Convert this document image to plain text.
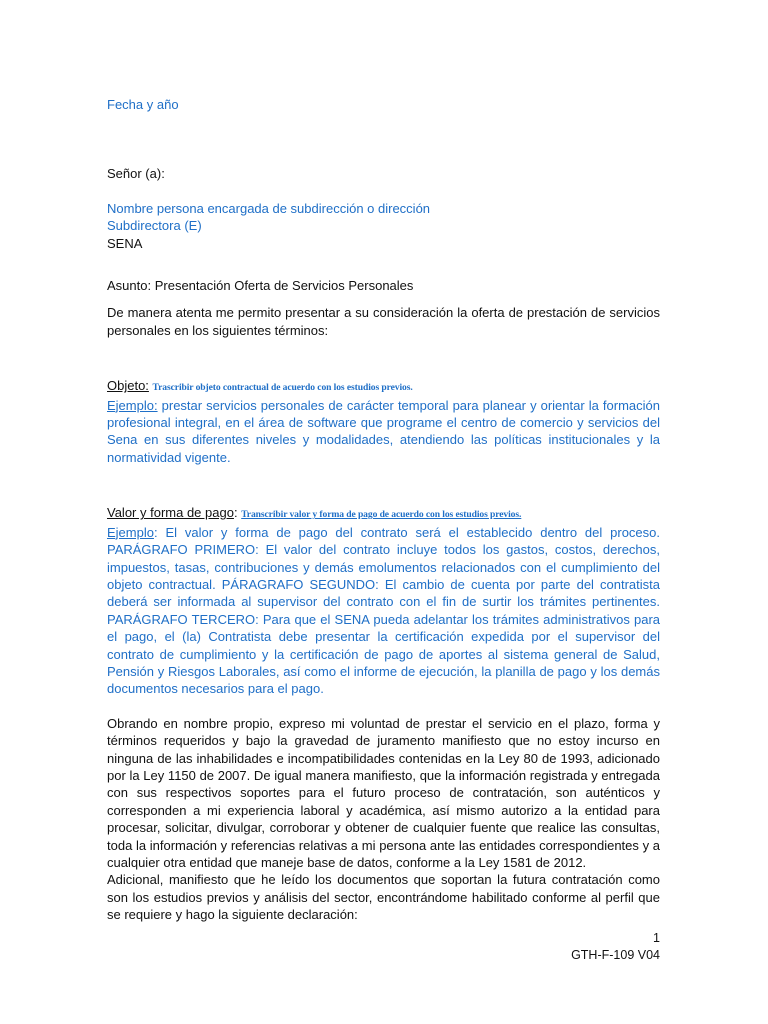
Fecha y año

Señor (a):

Nombre persona encargada de subdirección o dirección

Subdirectora (E)

SENA

Asunto: Presentación Oferta de Servicios Personales

De manera atenta me permito presentar a su consideración la oferta de prestación de servicios personales en los siguientes términos:

Objeto: Trascribir objeto contractual de acuerdo con los estudios previos.

Ejemplo: prestar servicios personales de carácter temporal para planear y orientar la formación profesional integral, en el área de software que programe el centro de comercio y servicios del Sena en sus diferentes niveles y modalidades, atendiendo las políticas institucionales y la normatividad vigente.

Valor y forma de pago: Transcribir valor y forma de pago de acuerdo con los estudios previos.

Ejemplo: El valor y forma de pago del contrato será el establecido dentro del proceso. PARÁGRAFO PRIMERO: El valor del contrato incluye todos los gastos, costos, derechos, impuestos, tasas, contribuciones y demás emolumentos relacionados con el cumplimiento del objeto contractual. PÁRAGRAFO SEGUNDO: El cambio de cuenta por parte del contratista deberá ser informada al supervisor del contrato con el fin de surtir los trámites pertinentes. PARÁGRAFO TERCERO: Para que el SENA pueda adelantar los trámites administrativos para el pago, el (la) Contratista debe presentar la certificación expedida por el supervisor del contrato de cumplimiento y la certificación de pago de aportes al sistema general de Salud, Pensión y Riesgos Laborales, así como el informe de ejecución, la planilla de pago y los demás documentos necesarios para el pago.

Obrando en nombre propio, expreso mi voluntad de prestar el servicio en el plazo, forma y términos requeridos y bajo la gravedad de juramento manifiesto que no estoy incurso en ninguna de las inhabilidades e incompatibilidades contenidas en la Ley 80 de 1993, adicionado por la Ley 1150 de 2007. De igual manera manifiesto, que la información registrada y entregada con sus respectivos soportes para el futuro proceso de contratación, son auténticos y corresponden a mi experiencia laboral y académica, así mismo autorizo a la entidad para procesar, solicitar, divulgar, corroborar y obtener de cualquier fuente que realice las consultas, toda la información y referencias relativas a mi persona ante las entidades correspondientes y a cualquier otra entidad que maneje base de datos, conforme a la Ley 1581 de 2012.

Adicional, manifiesto que he leído los documentos que soportan la futura contratación como son los estudios previos y análisis del sector, encontrándome habilitado conforme al perfil que se requiere y hago la siguiente declaración:

1
GTH-F-109 V04
